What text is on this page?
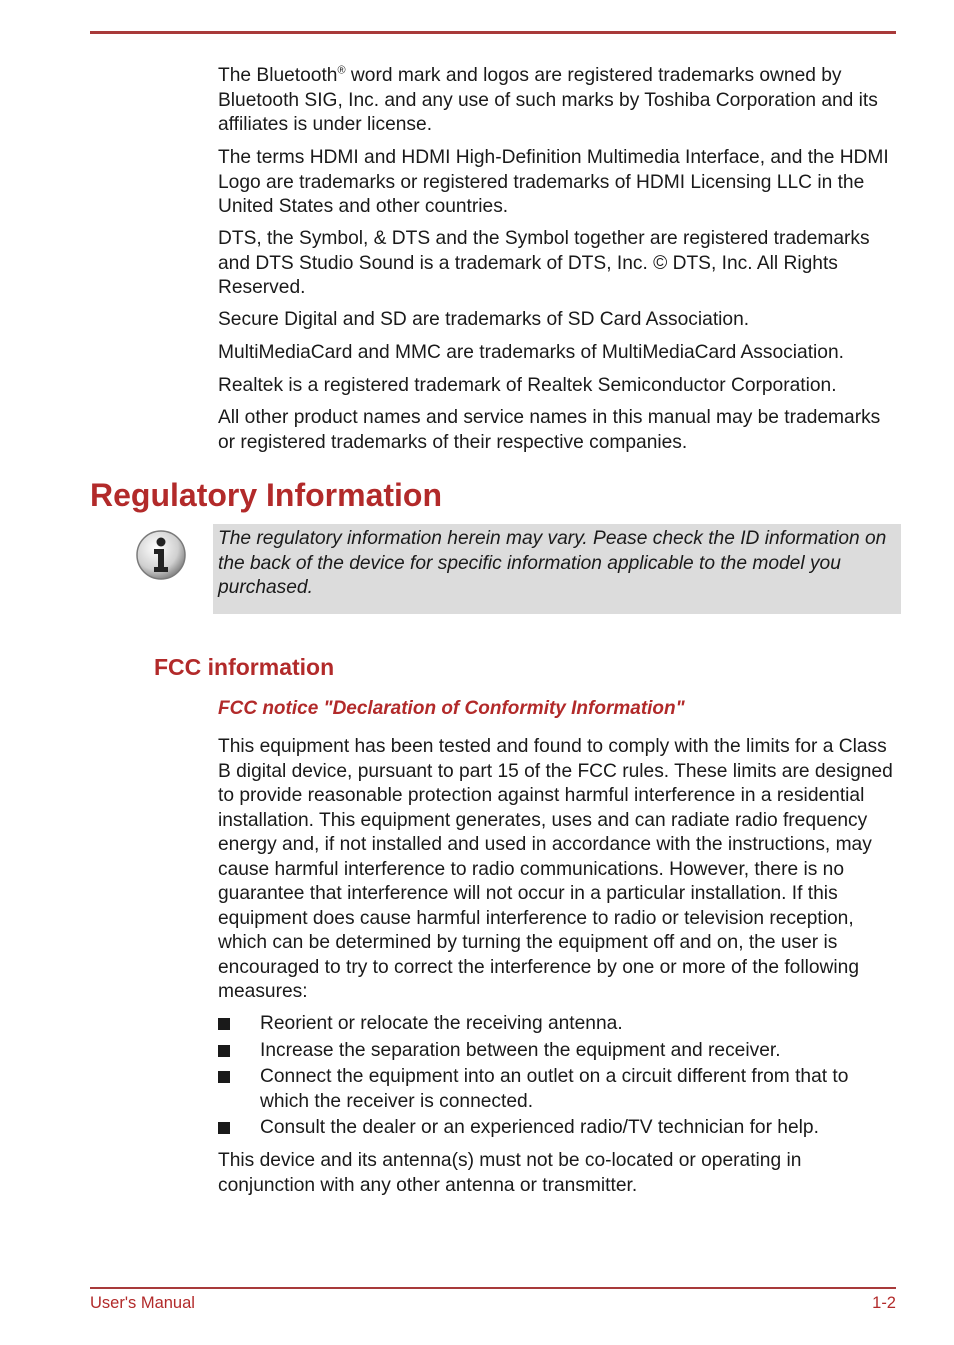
The Bluetooth® word mark and logos are registered trademarks owned by Bluetooth SIG, Inc. and any use of such marks by Toshiba Corporation and its affiliates is under license.

The terms HDMI and HDMI High-Definition Multimedia Interface, and the HDMI Logo are trademarks or registered trademarks of HDMI Licensing LLC in the United States and other countries.

DTS, the Symbol, & DTS and the Symbol together are registered trademarks and DTS Studio Sound is a trademark of DTS, Inc. © DTS, Inc. All Rights Reserved.

Secure Digital and SD are trademarks of SD Card Association.

MultiMediaCard and MMC are trademarks of MultiMediaCard Association.

Realtek is a registered trademark of Realtek Semiconductor Corporation.

All other product names and service names in this manual may be trademarks or registered trademarks of their respective companies.

Regulatory Information

The regulatory information herein may vary. Pease check the ID information on the back of the device for specific information applicable to the model you purchased.

FCC information
FCC notice "Declaration of Conformity Information"

This equipment has been tested and found to comply with the limits for a Class B digital device, pursuant to part 15 of the FCC rules. These limits are designed to provide reasonable protection against harmful interference in a residential installation. This equipment generates, uses and can radiate radio frequency energy and, if not installed and used in accordance with the instructions, may cause harmful interference to radio communications. However, there is no guarantee that interference will not occur in a particular installation. If this equipment does cause harmful interference to radio or television reception, which can be determined by turning the equipment off and on, the user is encouraged to try to correct the interference by one or more of the following measures:

Reorient or relocate the receiving antenna.
Increase the separation between the equipment and receiver.
Connect the equipment into an outlet on a circuit different from that to which the receiver is connected.
Consult the dealer or an experienced radio/TV technician for help.

This device and its antenna(s) must not be co-located or operating in conjunction with any other antenna or transmitter.

User's Manual	1-2
